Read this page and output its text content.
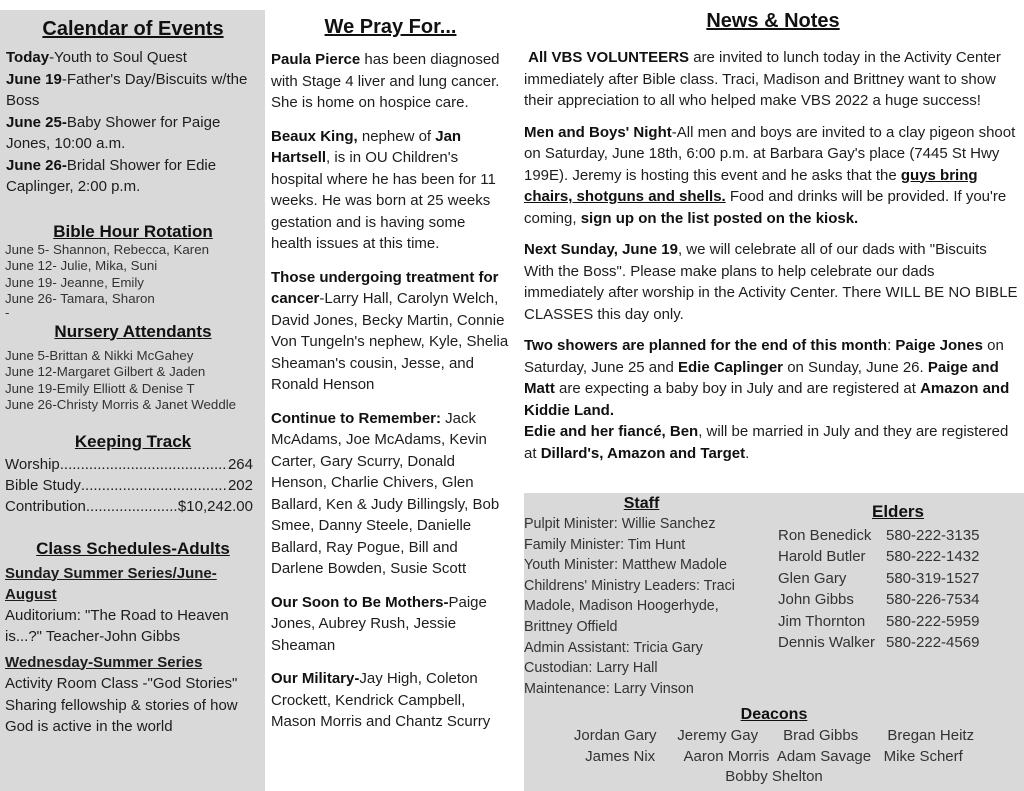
Calendar of Events

Today-Youth to Soul Quest

June 19-Father's Day/Biscuits w/the Boss

June 25-Baby Shower for Paige Jones, 10:00 a.m.

June 26-Bridal Shower for Edie Caplinger, 2:00 p.m.

Bible Hour Rotation
June 5- Shannon, Rebecca, Karen
June 12- Julie, Mika, Suni
June 19- Jeanne, Emily
June 26- Tamara, Sharon
-
Nursery Attendants
June 5-Brittan & Nikki McGahey
June 12-Margaret Gilbert & Jaden
June 19-Emily Elliott & Denise T
June 26-Christy Morris & Janet Weddle
Keeping Track
Worship .....	264
Bible Study .....	202
Contribution .....	$10,242.00
Class Schedules-Adults

Sunday Summer Series/June-August

Auditorium: "The Road to Heaven is...?" Teacher-John Gibbs

Wednesday-Summer Series

Activity Room Class -"God Stories" Sharing fellowship & stories of how God is active in the world

We Pray For...

Paula Pierce has been diagnosed with Stage 4 liver and lung cancer. She is home on hospice care.

Beaux King, nephew of Jan Hartsell, is in OU Children's hospital where he has been for 11 weeks. He was born at 25 weeks gestation and is having some health issues at this time.

Those undergoing treatment for cancer-Larry Hall, Carolyn Welch, David Jones, Becky Martin, Connie Von Tungeln's nephew, Kyle, Shelia Sheaman's cousin, Jesse, and Ronald Henson

Continue to Remember: Jack McAdams, Joe McAdams, Kevin Carter, Gary Scurry, Donald Henson, Charlie Chivers, Glen Ballard, Ken & Judy Billingsly, Bob Smee, Danny Steele, Danielle Ballard, Ray Pogue, Bill and Darlene Bowden, Susie Scott

Our Soon to Be Mothers-Paige Jones, Aubrey Rush, Jessie Sheaman

Our Military-Jay High, Coleton Crockett, Kendrick Campbell, Mason Morris and Chantz Scurry

News & Notes

All VBS VOLUNTEERS are invited to lunch today in the Activity Center immediately after Bible class. Traci, Madison and Brittney want to show their appreciation to all who helped make VBS 2022 a huge success!

Men and Boys' Night-All men and boys are invited to a clay pigeon shoot on Saturday, June 18th, 6:00 p.m. at Barbara Gay's place (7445 St Hwy 199E). Jeremy is hosting this event and he asks that the guys bring chairs, shotguns and shells. Food and drinks will be provided. If you're coming, sign up on the list posted on the kiosk.

Next Sunday, June 19, we will celebrate all of our dads with "Biscuits With the Boss". Please make plans to help celebrate our dads immediately after worship in the Activity Center. There WILL BE NO BIBLE CLASSES this day only.

Two showers are planned for the end of this month: Paige Jones on Saturday, June 25 and Edie Caplinger on Sunday, June 26. Paige and Matt are expecting a baby boy in July and are registered at Amazon and Kiddie Land.
Edie and her fiancé, Ben, will be married in July and they are registered at Dillard's, Amazon and Target.

Staff
Pulpit Minister: Willie Sanchez
Family Minister: Tim Hunt
Youth Minister: Matthew Madole
Childrens' Ministry Leaders: Traci Madole, Madison Hoogerhyde, Brittney Offield
Admin Assistant: Tricia Gary
Custodian: Larry Hall
Maintenance: Larry Vinson
Elders
Ron Benedick 580-222-3135
Harold Butler	580-222-1432
Glen Gary	580-319-1527
John Gibbs	580-226-7534
Jim Thornton	580-222-5959
Dennis Walker 580-222-4569
Deacons
Jordan Gary     Jeremy Gay      Brad Gibbs       Bregan Heitz
James Nix       Aaron Morris  Adam Savage   Mike Scherf
Bobby Shelton
